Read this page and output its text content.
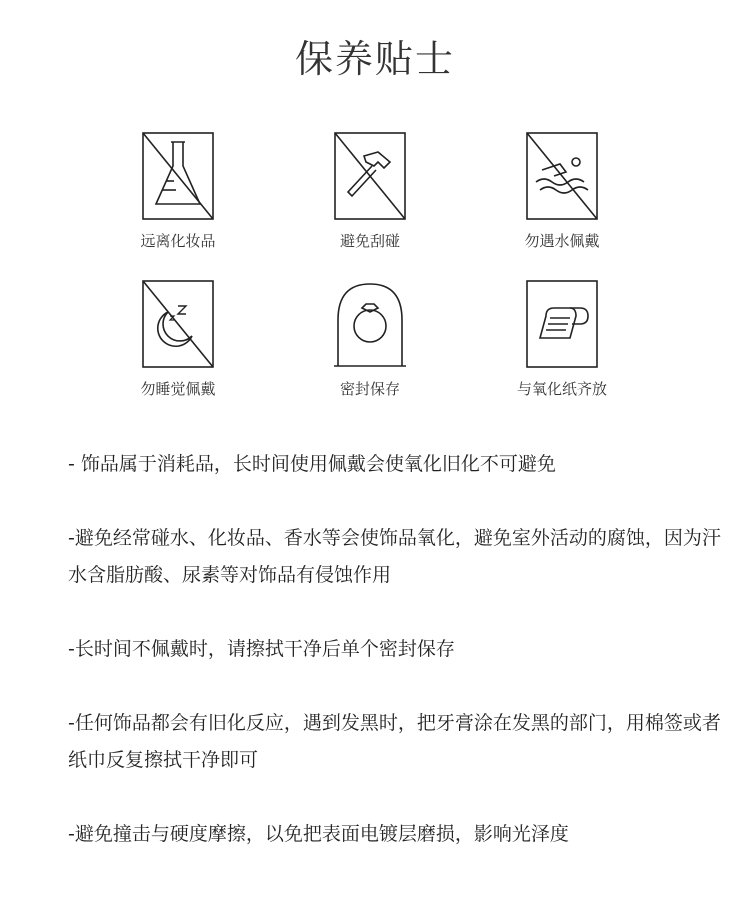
保养贴士
远离化妆品	避免刮碰	勿遇水佩戴
勿睡觉佩戴	密封保存	与氧化纸齐放
- 饰品属于消耗品，长时间使用佩戴会使氧化旧化不可避免
-避免经常碰水、化妆品、香水等会使饰品氧化，避免室外活动的腐蚀，因为汗水含脂肪酸、尿素等对饰品有侵蚀作用
-长时间不佩戴时，请擦拭干净后单个密封保存
-任何饰品都会有旧化反应，遇到发黑时，把牙膏涂在发黑的部门，用棉签或者纸巾反复擦拭干净即可
-避免撞击与硬度摩擦，以免把表面电镀层磨损，影响光泽度
